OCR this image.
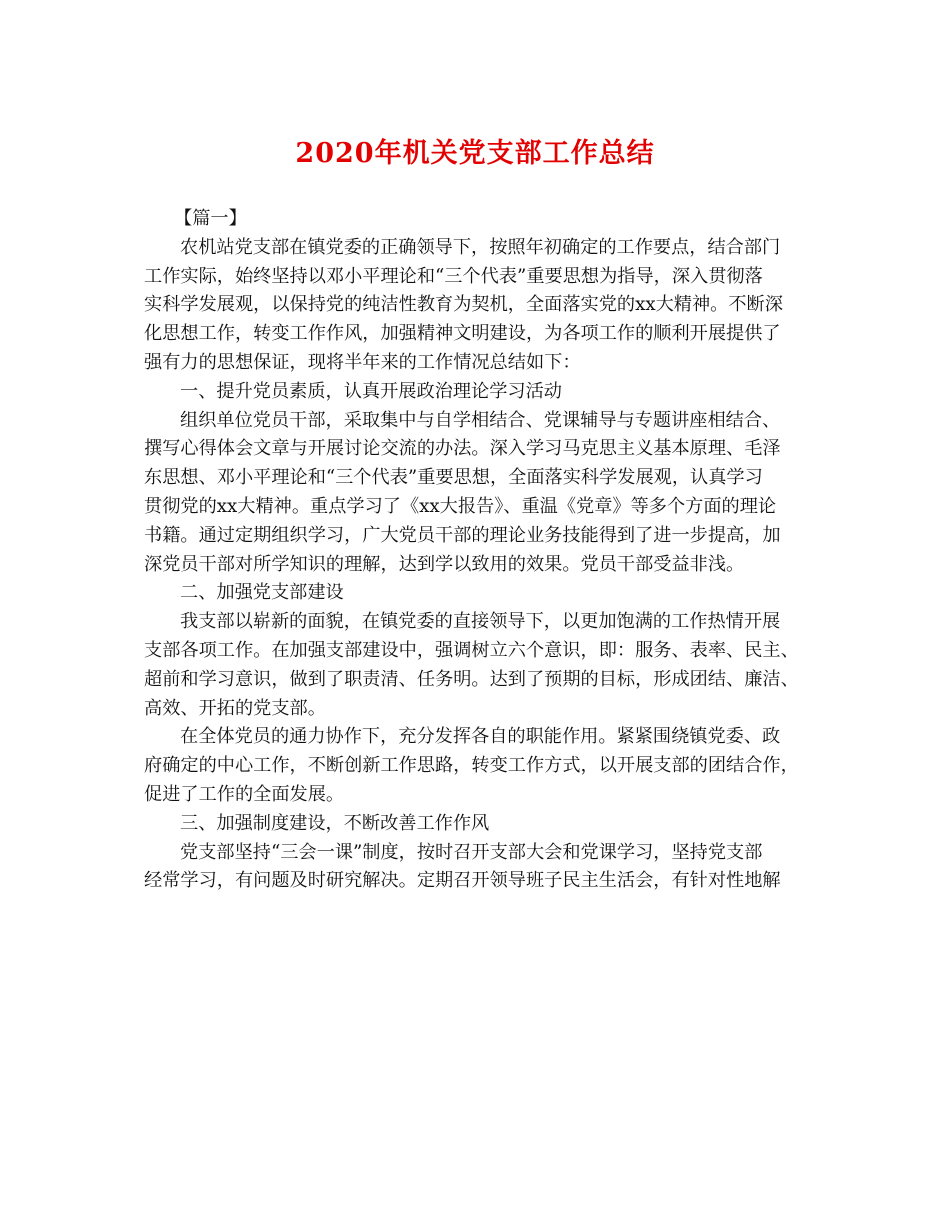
2020年机关党支部工作总结
【篇一】
农机站党支部在镇党委的正确领导下，按照年初确定的工作要点，结合部门
工作实际，始终坚持以邓小平理论和“三个代表”重要思想为指导，深入贯彻落
实科学发展观，以保持党的纯洁性教育为契机，全面落实党的xx大精神。不断深
化思想工作，转变工作作风，加强精神文明建设，为各项工作的顺利开展提供了
强有力的思想保证，现将半年来的工作情况总结如下：
一、提升党员素质，认真开展政治理论学习活动
组织单位党员干部，采取集中与自学相结合、党课辅导与专题讲座相结合、
撰写心得体会文章与开展讨论交流的办法。深入学习马克思主义基本原理、毛泽
东思想、邓小平理论和“三个代表”重要思想，全面落实科学发展观，认真学习
贯彻党的xx大精神。重点学习了《xx大报告》、重温《党章》等多个方面的理论
书籍。通过定期组织学习，广大党员干部的理论业务技能得到了进一步提高，加
深党员干部对所学知识的理解，达到学以致用的效果。党员干部受益非浅。
二、加强党支部建设
我支部以崭新的面貌，在镇党委的直接领导下，以更加饱满的工作热情开展
支部各项工作。在加强支部建设中，强调树立六个意识，即：服务、表率、民主、
超前和学习意识，做到了职责清、任务明。达到了预期的目标，形成团结、廉洁、
高效、开拓的党支部。
在全体党员的通力协作下，充分发挥各自的职能作用。紧紧围绕镇党委、政
府确定的中心工作，不断创新工作思路，转变工作方式，以开展支部的团结合作，
促进了工作的全面发展。
三、加强制度建设，不断改善工作作风
党支部坚持“三会一课”制度，按时召开支部大会和党课学习，坚持党支部
经常学习，有问题及时研究解决。定期召开领导班子民主生活会，有针对性地解
